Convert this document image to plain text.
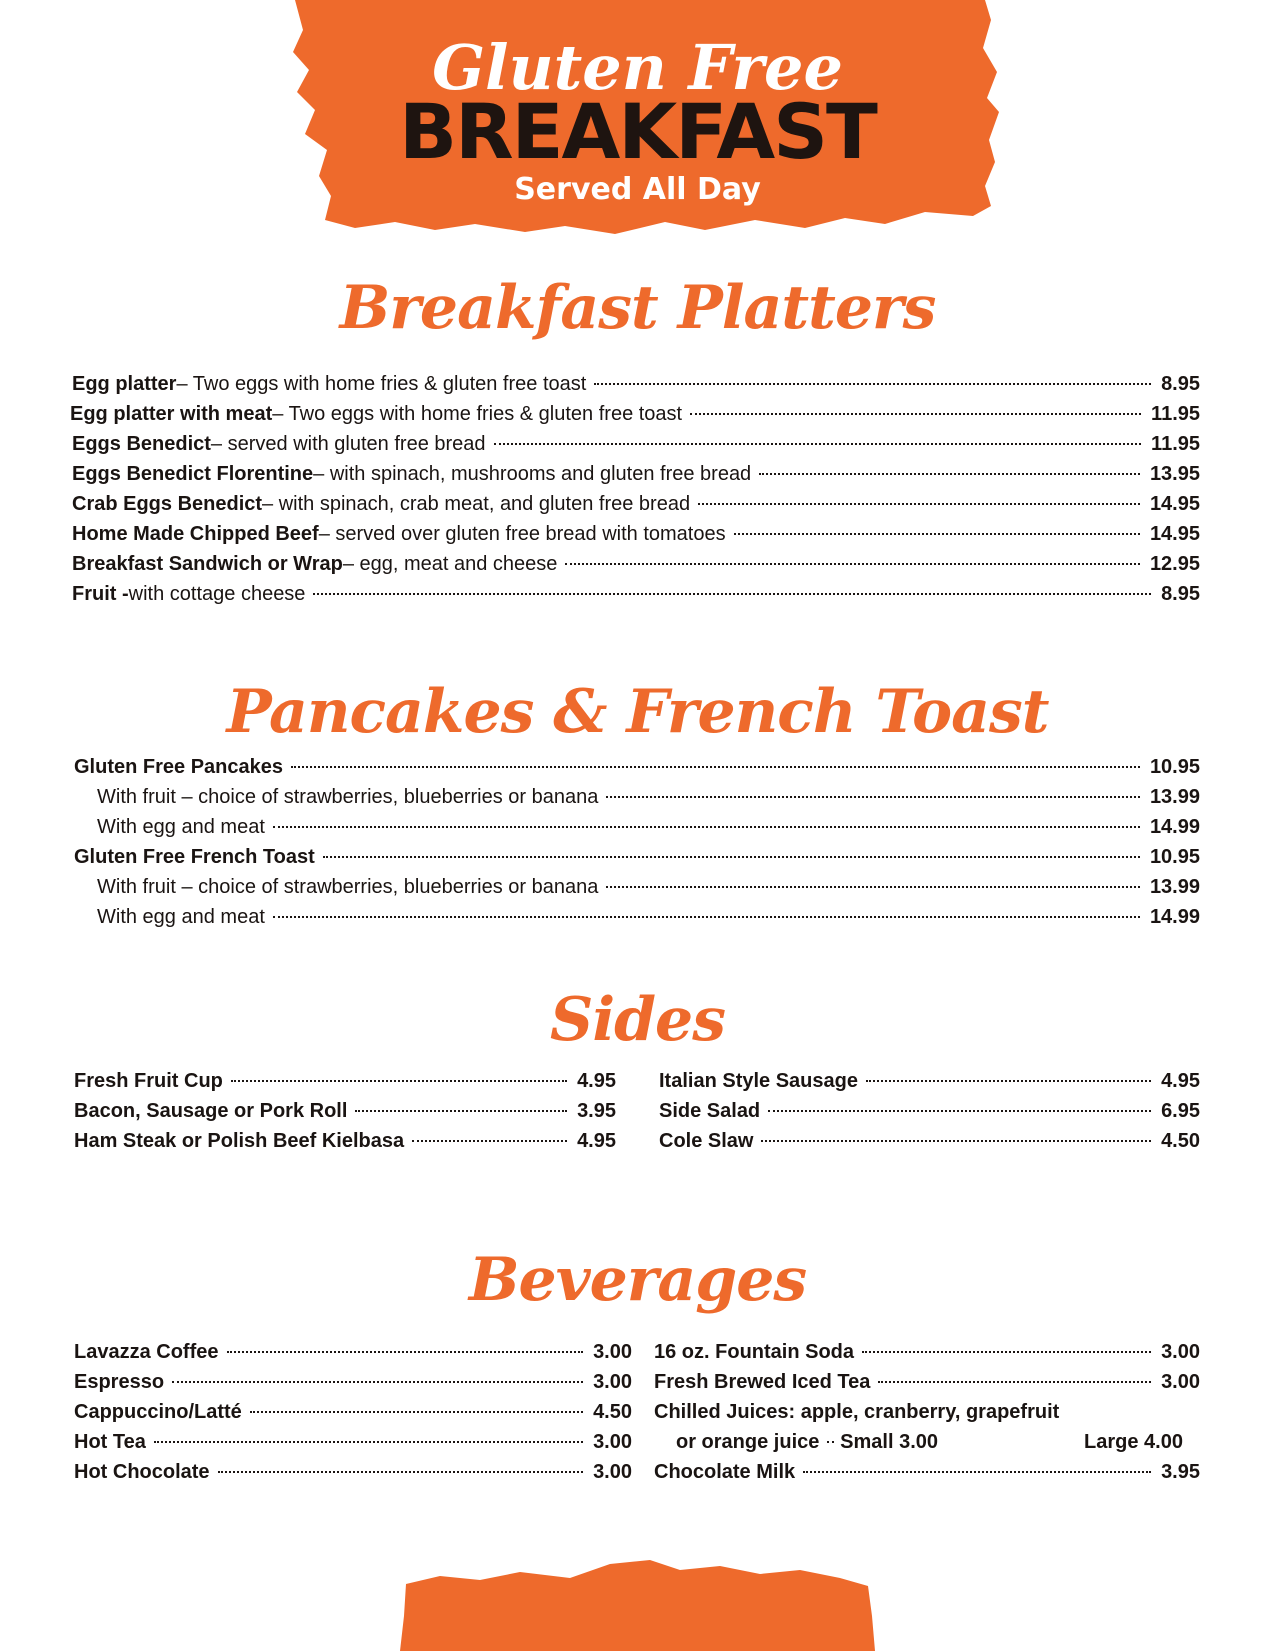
Gluten Free
BREAKFAST
Served All Day
Breakfast Platters
Egg platter – Two eggs with home fries & gluten free toast	8.95
Egg platter with meat – Two eggs with home fries & gluten free toast	11.95
Eggs Benedict – served with gluten free bread	11.95
Eggs Benedict Florentine – with spinach, mushrooms and gluten free bread	13.95
Crab Eggs Benedict – with spinach, crab meat, and gluten free bread	14.95
Home Made Chipped Beef – served over gluten free bread with tomatoes	14.95
Breakfast Sandwich or Wrap – egg, meat and cheese	12.95
Fruit - with cottage cheese	8.95
Pancakes & French Toast
Gluten Free Pancakes	10.95
With fruit – choice of strawberries, blueberries or banana	13.99
With egg and meat	14.99
Gluten Free French Toast	10.95
With fruit – choice of strawberries, blueberries or banana	13.99
With egg and meat	14.99
Sides
Fresh Fruit Cup	4.95
Bacon, Sausage or Pork Roll	3.95
Ham Steak or Polish Beef Kielbasa	4.95
Italian Style Sausage	4.95
Side Salad	6.95
Cole Slaw	4.50
Beverages
Lavazza Coffee	3.00
Espresso	3.00
Cappuccino/Latté	4.50
Hot Tea	3.00
Hot Chocolate	3.00
16 oz. Fountain Soda	3.00
Fresh Brewed Iced Tea	3.00
Chilled Juices: apple, cranberry, grapefruit
or orange juice Small 3.00	Large 4.00
Chocolate Milk	3.95
